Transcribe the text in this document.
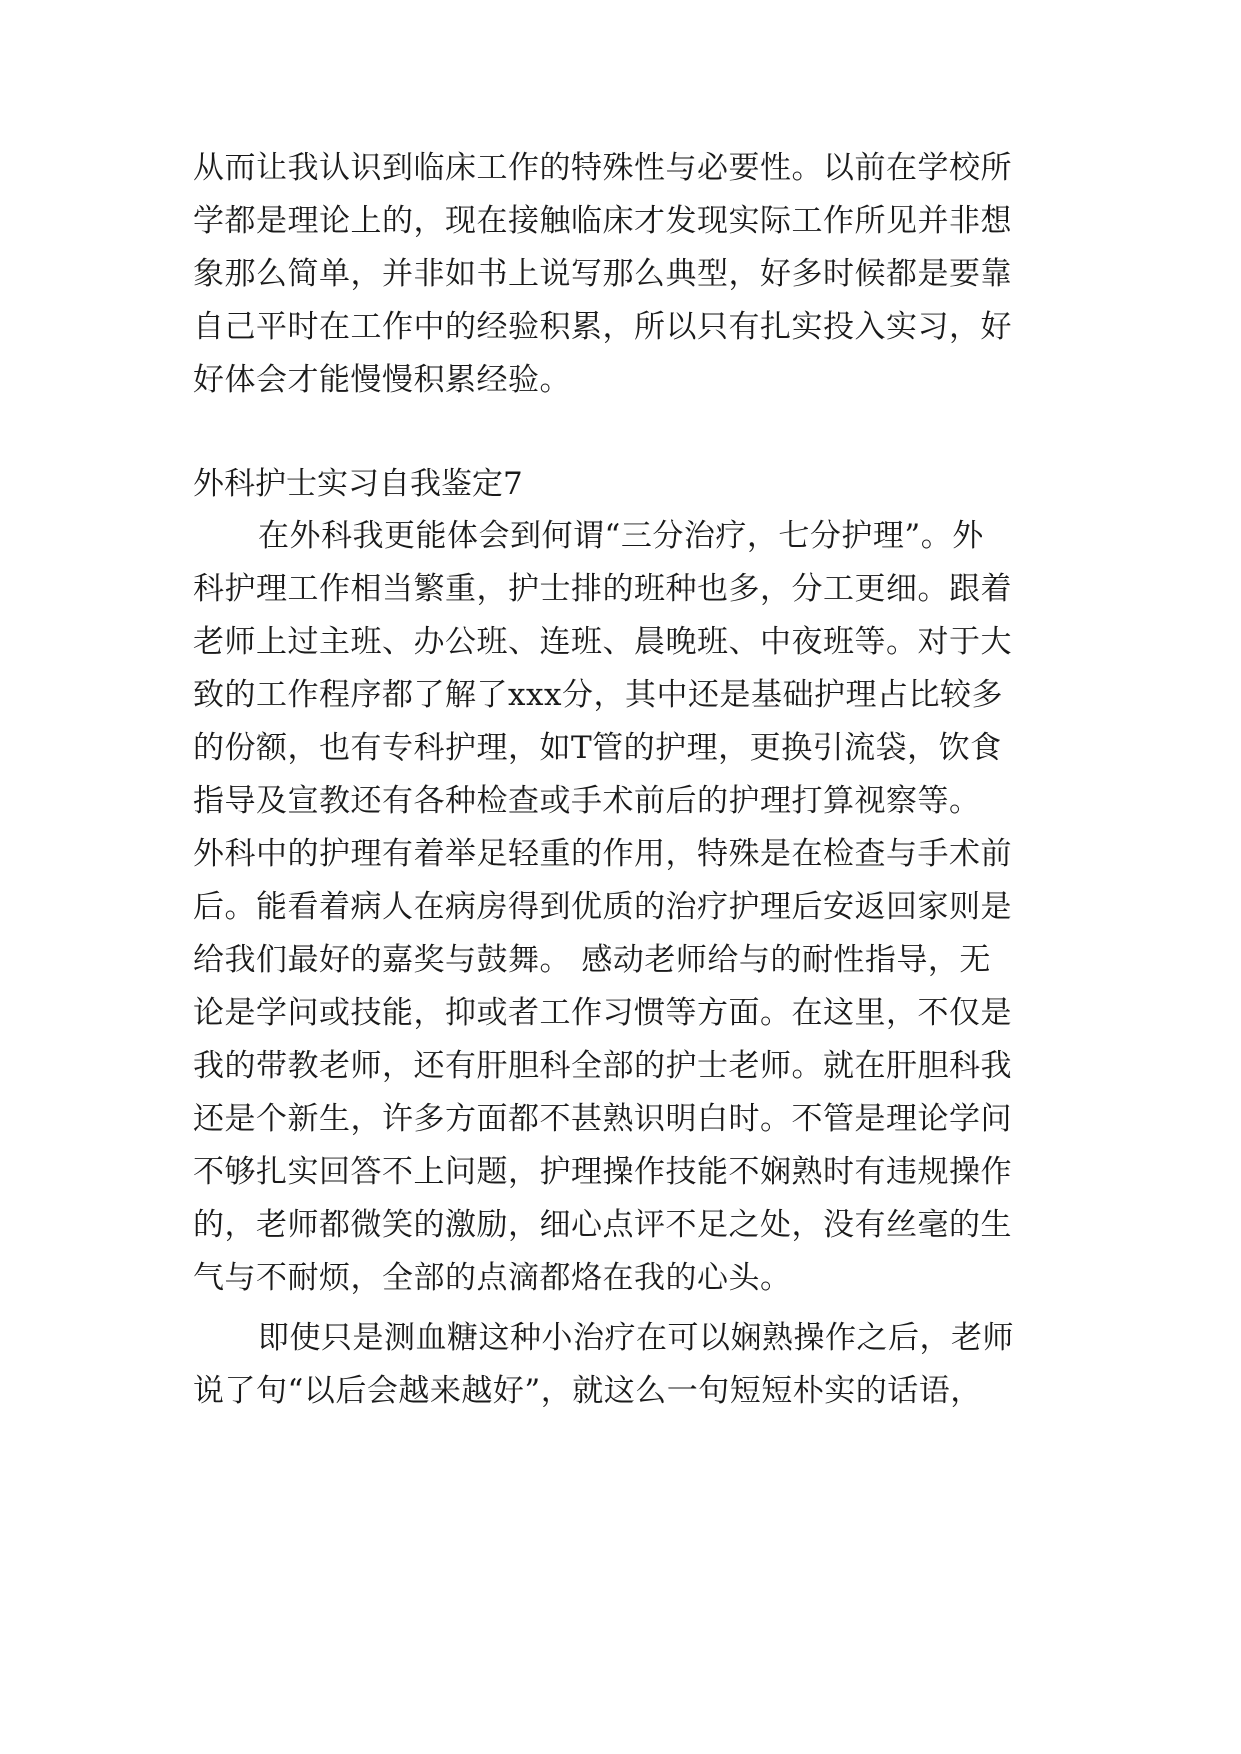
从而让我认识到临床工作的特殊性与必要性。以前在学校所
学都是理论上的，现在接触临床才发现实际工作所见并非想
象那么简单，并非如书上说写那么典型，好多时候都是要靠
自己平时在工作中的经验积累，所以只有扎实投入实习，好
好体会才能慢慢积累经验。
外科护士实习自我鉴定7
在外科我更能体会到何谓“三分治疗，七分护理”。外
科护理工作相当繁重，护士排的班种也多，分工更细。跟着
老师上过主班、办公班、连班、晨晚班、中夜班等。对于大
致的工作程序都了解了xxx分，其中还是基础护理占比较多
的份额，也有专科护理，如T管的护理，更换引流袋，饮食
指导及宣教还有各种检查或手术前后的护理打算视察等。
外科中的护理有着举足轻重的作用，特殊是在检查与手术前
后。能看着病人在病房得到优质的治疗护理后安返回家则是
给我们最好的嘉奖与鼓舞。 感动老师给与的耐性指导，无
论是学问或技能，抑或者工作习惯等方面。在这里，不仅是
我的带教老师，还有肝胆科全部的护士老师。就在肝胆科我
还是个新生，许多方面都不甚熟识明白时。不管是理论学问
不够扎实回答不上问题，护理操作技能不娴熟时有违规操作
的，老师都微笑的激励，细心点评不足之处，没有丝毫的生
气与不耐烦，全部的点滴都烙在我的心头。
即使只是测血糖这种小治疗在可以娴熟操作之后，老师
说了句“以后会越来越好”，就这么一句短短朴实的话语，
